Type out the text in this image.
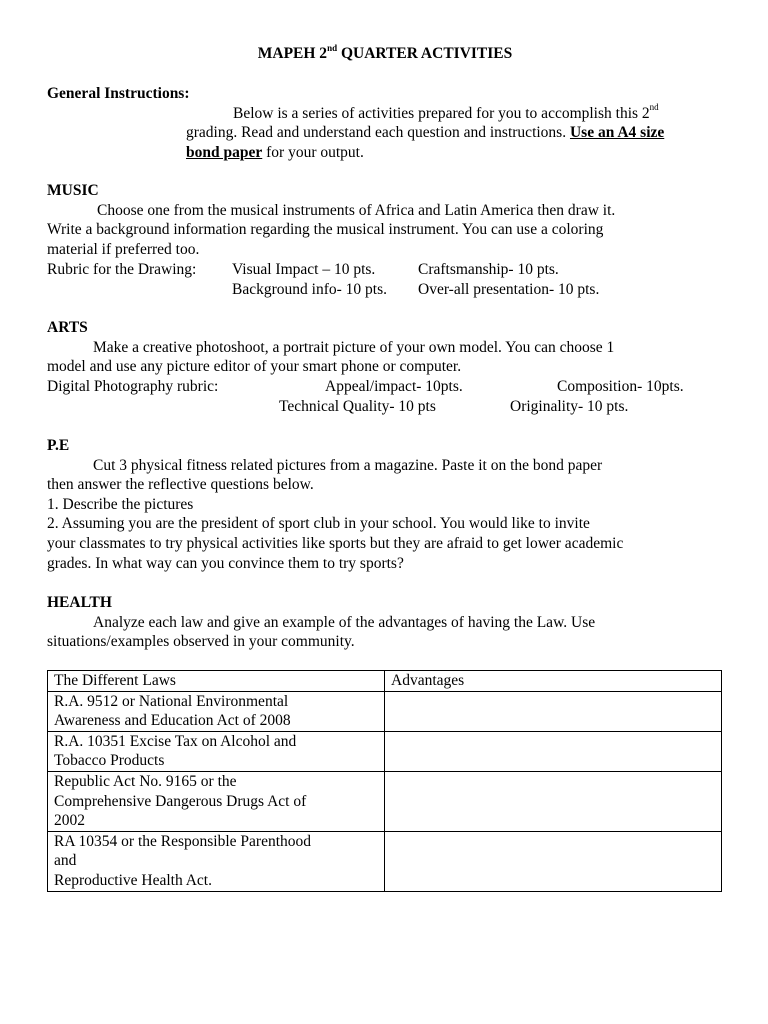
MAPEH 2nd QUARTER ACTIVITIES
General Instructions:
Below is a series of activities prepared for you to accomplish this 2nd
grading. Read and understand each question and instructions. Use an A4 size
bond paper for your output.
MUSIC
Choose one from the musical instruments of Africa and Latin America then draw it.
Write a background information regarding the musical instrument. You can use a coloring
material if preferred too.
Rubric for the Drawing: Visual Impact – 10 pts.	Craftsmanship- 10 pts.
Background info- 10 pts. Over-all presentation- 10 pts.
ARTS
Make a creative photoshoot, a portrait picture of your own model. You can choose 1
model and use any picture editor of your smart phone or computer.
Digital Photography rubric:	Appeal/impact- 10pts.	Composition- 10pts.
Technical Quality- 10 pts	Originality- 10 pts.
P.E
Cut 3 physical fitness related pictures from a magazine. Paste it on the bond paper
then answer the reflective questions below.
1. Describe the pictures
2. Assuming you are the president of sport club in your school. You would like to invite
your classmates to try physical activities like sports but they are afraid to get lower academic
grades. In what way can you convince them to try sports?
HEALTH
Analyze each law and give an example of the advantages of having the Law. Use
situations/examples observed in your community.
The Different Laws	Advantages

R.A. 9512 or National Environmental
Awareness and Education Act of 2008	

R.A. 10351 Excise Tax on Alcohol and
Tobacco Products	

Republic Act No. 9165 or the
Comprehensive Dangerous Drugs Act of
2002	

RA 10354 or the Responsible Parenthood
and
Reproductive Health Act.	
